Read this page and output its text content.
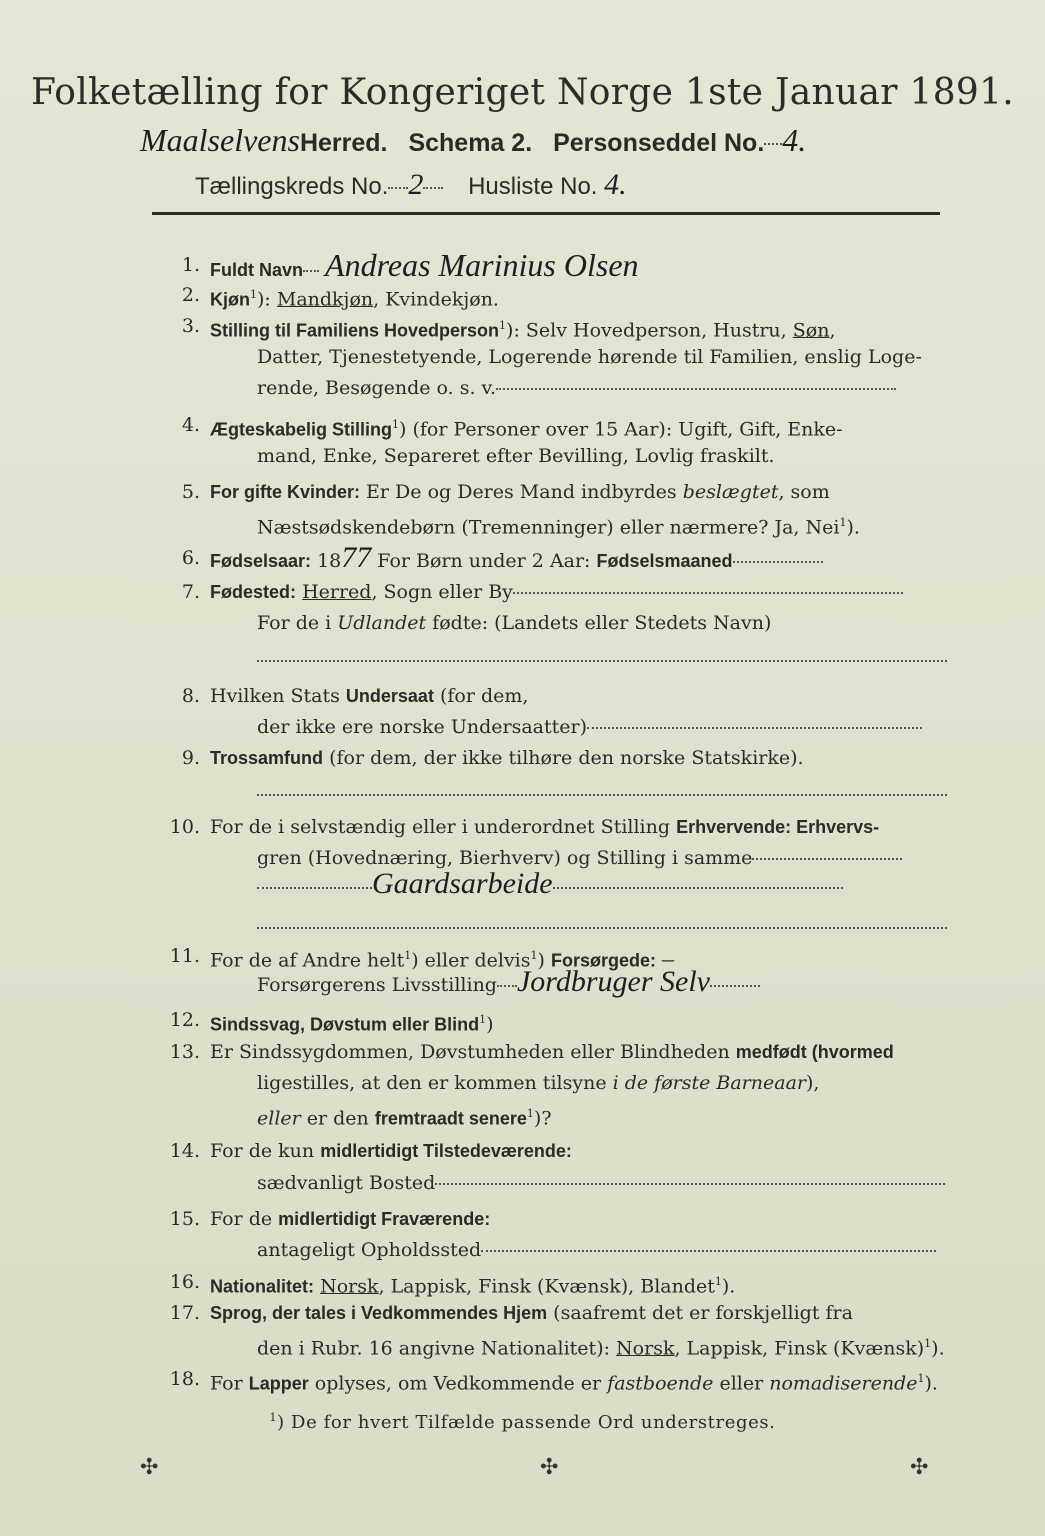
Folketælling for Kongeriget Norge 1ste Januar 1891.
MaalselvensHerred. Schema 2. Personseddel No. 4.
Tællingskreds No. 2 Husliste No. 4.
1. Fuldt Navn Andreas Marinius Olsen
2. Kjøn$^1$): Mandkjøn, Kvindekjøn.
3. Stilling til Familiens Hovedperson$^1$): Selv Hovedperson, Hustru, Søn,
Datter, Tjenestetyende, Logerende hørende til Familien, enslig Loge-
rende, Besøgende o. s. v.
4. Ægteskabelig Stilling$^1$) (for Personer over 15 Aar): Ugift, Gift, Enke-
mand, Enke, Separeret efter Bevilling, Lovlig fraskilt.
5. For gifte Kvinder: Er De og Deres Mand indbyrdes beslægtet, som
Næstsødskendebørn (Tremenninger) eller nærmere? Ja, Nei$^1$).
6. Fødselsaar: 1877 For Børn under 2 Aar: Fødselsmaaned
7. Fødested: Herred, Sogn eller By
For de i Udlandet fødte: (Landets eller Stedets Navn)
8. Hvilken Stats Undersaat (for dem,
der ikke ere norske Undersaatter)
9. Trossamfund (for dem, der ikke tilhøre den norske Statskirke).
10. For de i selvstændig eller i underordnet Stilling Erhvervende: Erhvervs-
gren (Hovednæring, Bierhverv) og Stilling i samme
Gaardsarbeide
11. For de af Andre helt$^1$) eller delvis$^1$) Forsørgede: –
Forsørgerens Livsstilling Jordbruger Selv
12. Sindssvag, Døvstum eller Blind$^1$)
13. Er Sindssygdommen, Døvstumheden eller Blindheden medfødt (hvormed
ligestilles, at den er kommen tilsyne i de første Barneaar),
eller er den fremtraadt senere$^1$)?
14. For de kun midlertidigt Tilstedeværende:
sædvanligt Bosted
15. For de midlertidigt Fraværende:
antageligt Opholdssted
16. Nationalitet: Norsk, Lappisk, Finsk (Kvænsk), Blandet$^1$).
17. Sprog, der tales i Vedkommendes Hjem (saafremt det er forskjelligt fra
den i Rubr. 16 angivne Nationalitet): Norsk, Lappisk, Finsk (Kvænsk)$^1$).
18. For Lapper oplyses, om Vedkommende er fastboende eller nomadiserende$^1$).
$^1$) De for hvert Tilfælde passende Ord understreges.
✣	✣	✣
